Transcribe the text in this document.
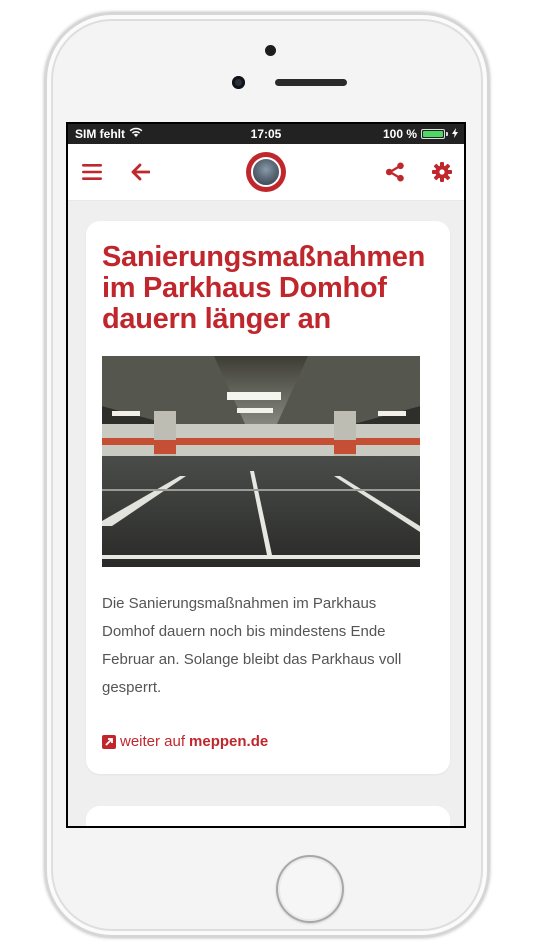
SIM fehlt	17:05	100 %
Sanierungsmaßnahmen im Parkhaus Domhof dauern länger an

Die Sanierungsmaßnahmen im Parkhaus Domhof dauern noch bis mindestens Ende Februar an. Solange bleibt das Parkhaus voll gesperrt.

weiter auf meppen.de
